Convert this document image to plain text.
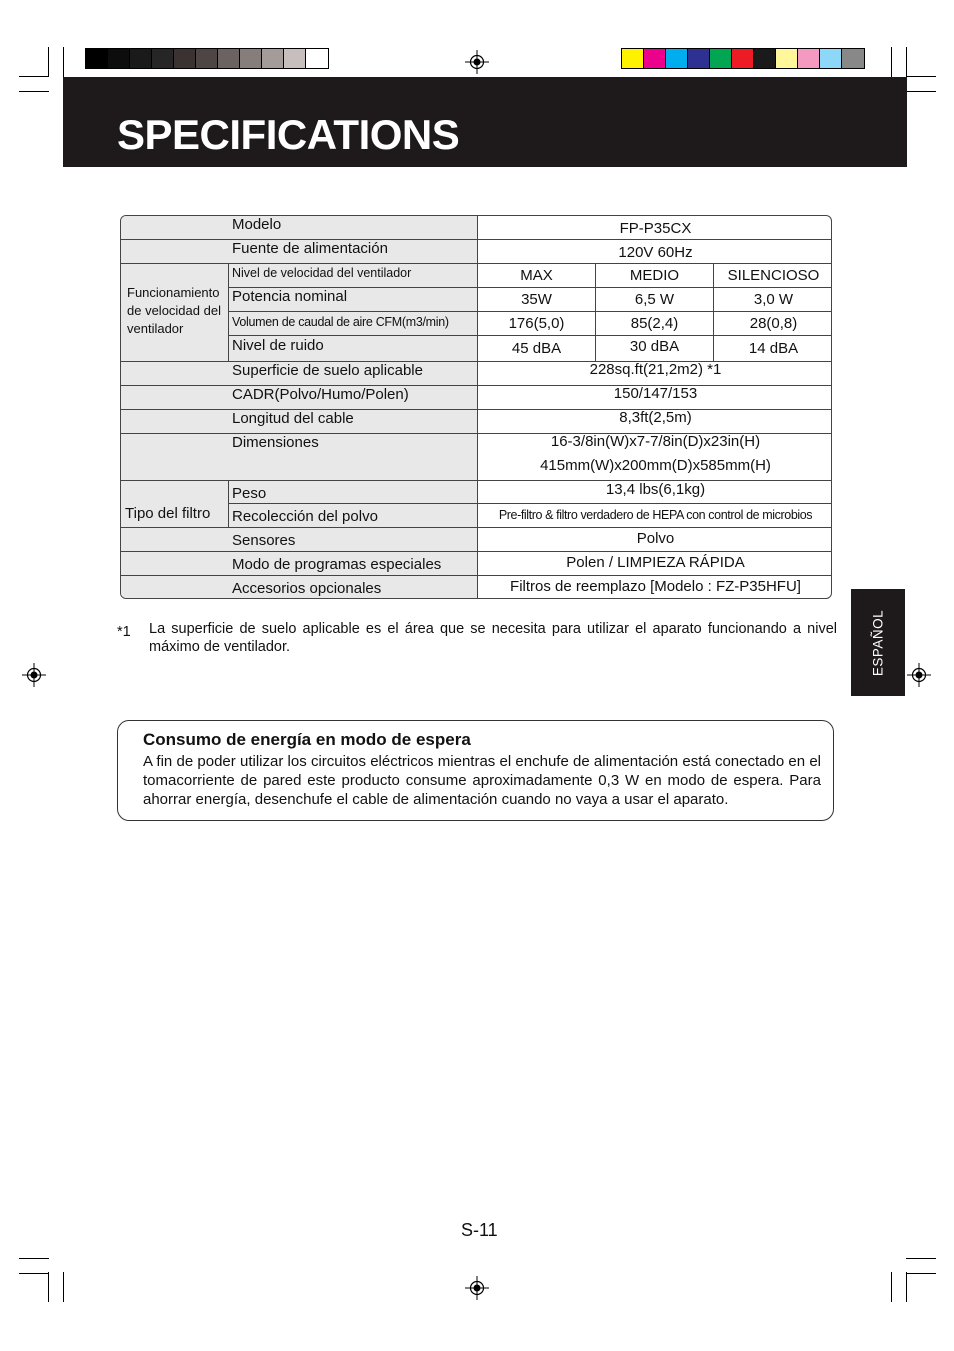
SPECIFICATIONS
Funcionamiento de velocidad del ventilador
Tipo del filtro
Modelo	FP-P35CX
Fuente de alimentación	120V 60Hz
Nivel de velocidad del ventilador	MAX	MEDIO	SILENCIOSO
Potencia nominal	35W	6,5 W	3,0 W
Volumen de caudal de aire CFM(m3/min)	176(5,0)	85(2,4)	28(0,8)
Nivel de ruido	45 dBA	30 dBA	14 dBA
Superficie de suelo aplicable	228sq.ft(21,2m2) *1
CADR(Polvo/Humo/Polen)	150/147/153
Longitud del cable	8,3ft(2,5m)
Dimensiones	16-3/8in(W)x7-7/8in(D)x23in(H)
415mm(W)x200mm(D)x585mm(H)
Peso	13,4 lbs(6,1kg)
Recolección del polvo	Pre-filtro & filtro verdadero de HEPA con control de microbios
Sensores	Polvo
Modo de programas especiales	Polen / LIMPIEZA RÁPIDA
Accesorios opcionales	Filtros de reemplazo [Modelo : FZ-P35HFU]
*1 La superficie de suelo aplicable es el área que se necesita para utilizar el aparato funcionando a nivel máximo de ventilador.	ESPAÑOL
Consumo de energía en modo de espera

A fin de poder utilizar los circuitos eléctricos mientras el enchufe de alimentación está conectado en el tomacorriente de pared este producto consume aproximadamente 0,3 W en modo de espera. Para ahorrar energía, desenchufe el cable de alimentación cuando no vaya a usar el aparato.

S-11
